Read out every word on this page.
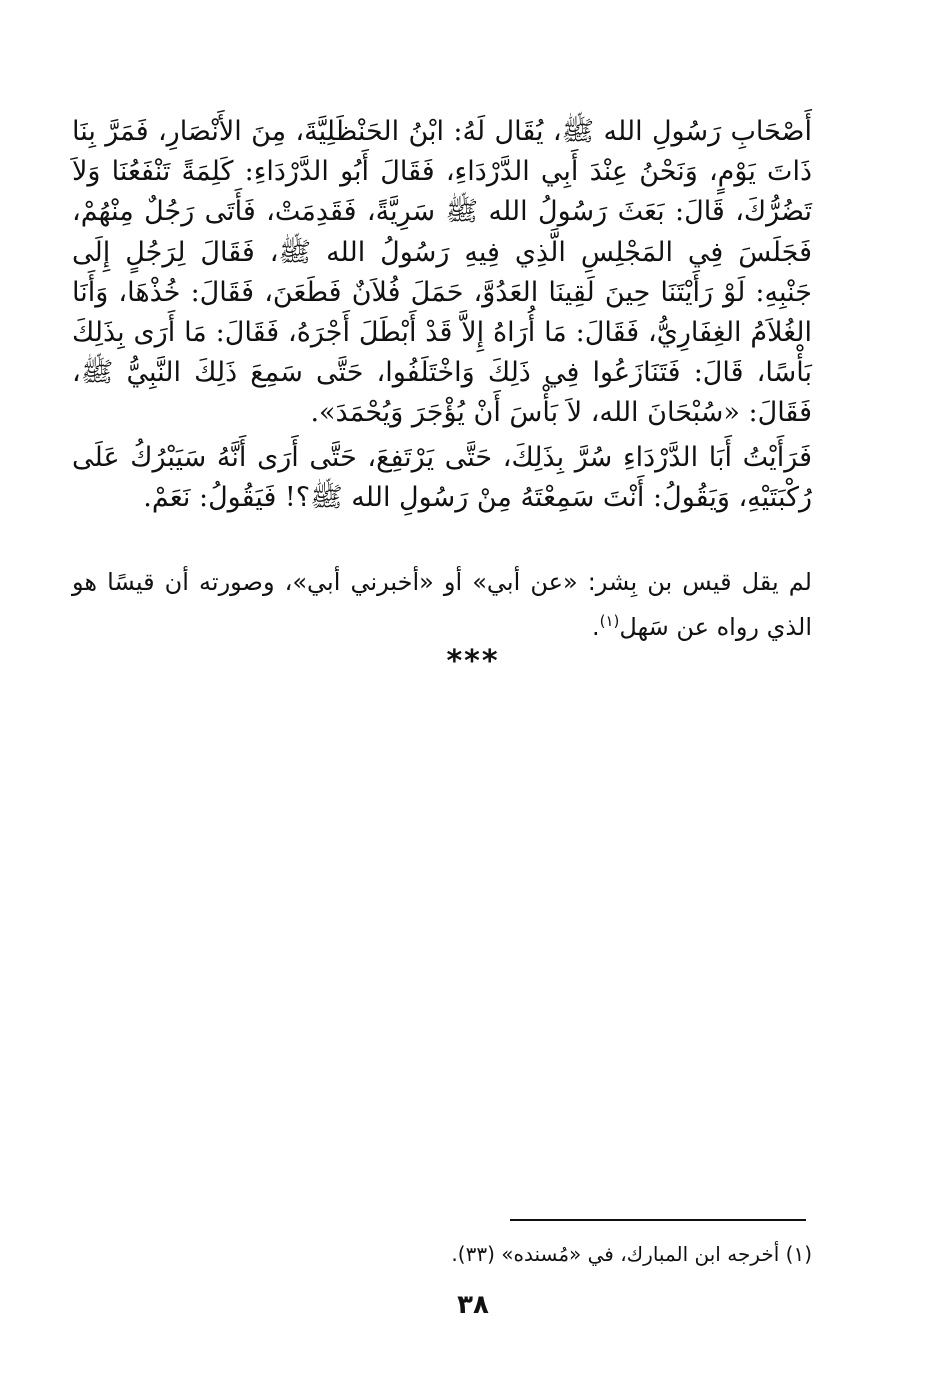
أَصْحَابِ رَسُولِ الله ﷺ، يُقَال لَهُ: ابْنُ الحَنْظَلِيَّةَ، مِنَ الأَنْصَارِ، فَمَرَّ بِنَا ذَاتَ يَوْمٍ، وَنَحْنُ عِنْدَ أَبِي الدَّرْدَاءِ، فَقَالَ أَبُو الدَّرْدَاءِ: كَلِمَةً تَنْفَعُنَا وَلاَ تَضُرُّكَ، قَالَ: بَعَثَ رَسُولُ الله ﷺ سَرِيَّةً، فَقَدِمَتْ، فَأَتَى رَجُلٌ مِنْهُمْ، فَجَلَسَ فِي المَجْلِسِ الَّذِي فِيهِ رَسُولُ الله ﷺ، فَقَالَ لِرَجُلٍ إِلَى جَنْبِهِ: لَوْ رَأَيْتَنَا حِينَ لَقِينَا العَدُوَّ، حَمَلَ فُلاَنٌ فَطَعَنَ، فَقَالَ: خُذْهَا، وَأَنَا الغُلاَمُ الغِفَارِيُّ، فَقَالَ: مَا أُرَاهُ إِلاَّ قَدْ أَبْطَلَ أَجْرَهُ، فَقَالَ: مَا أَرَى بِذَلِكَ بَأْسًا، قَالَ: فَتَنَازَعُوا فِي ذَلِكَ وَاخْتَلَفُوا، حَتَّى سَمِعَ ذَلِكَ النَّبِيُّ ﷺ، فَقَالَ: «سُبْحَانَ الله، لاَ بَأْسَ أَنْ يُؤْجَرَ وَيُحْمَدَ».

فَرَأَيْتُ أَبَا الدَّرْدَاءِ سُرَّ بِذَلِكَ، حَتَّى يَرْتَفِعَ، حَتَّى أَرَى أَنَّهُ سَيَبْرُكُ عَلَى رُكْبَتَيْهِ، وَيَقُولُ: أَنْتَ سَمِعْتَهُ مِنْ رَسُولِ الله ﷺ؟! فَيَقُولُ: نَعَمْ.

لم يقل قيس بن بِشر: «عن أبي» أو «أخبرني أبي»، وصورته أن قيسًا هو الذي رواه عن سَهل$^{(١)}$.
***
(١) أخرجه ابن المبارك، في «مُسنده» (٣٣).
٣٨
